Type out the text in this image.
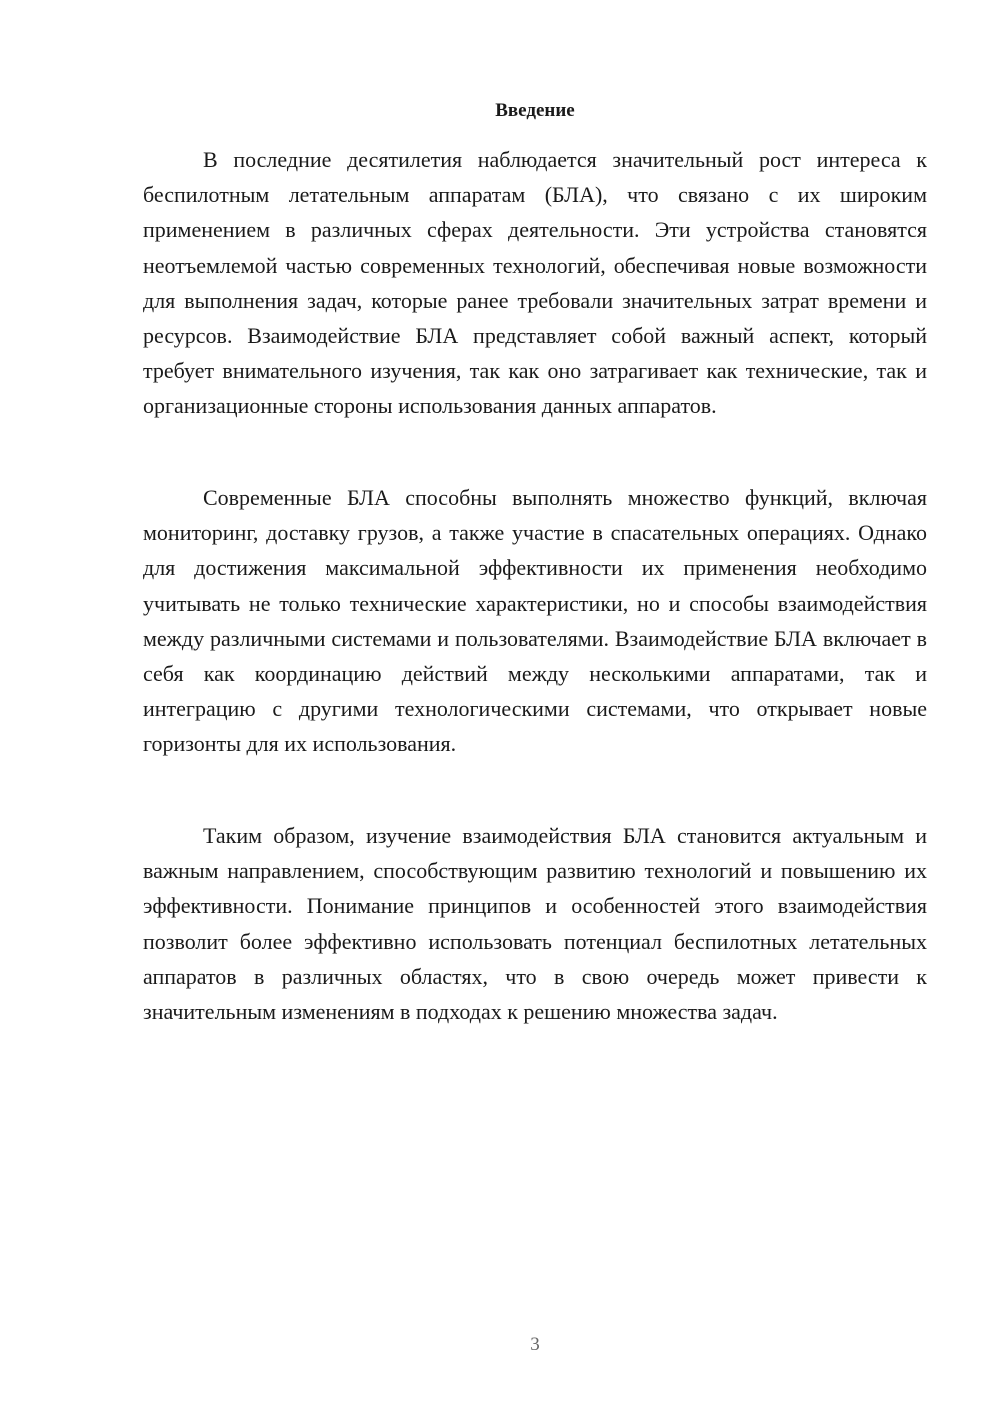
Введение

В последние десятилетия наблюдается значительный рост интереса к беспилотным летательным аппаратам (БЛА), что связано с их широким применением в различных сферах деятельности. Эти устройства становятся неотъемлемой частью современных технологий, обеспечивая новые возможности для выполнения задач, которые ранее требовали значительных затрат времени и ресурсов. Взаимодействие БЛА представляет собой важный аспект, который требует внимательного изучения, так как оно затрагивает как технические, так и организационные стороны использования данных аппаратов.

Современные БЛА способны выполнять множество функций, включая мониторинг, доставку грузов, а также участие в спасательных операциях. Однако для достижения максимальной эффективности их применения необходимо учитывать не только технические характеристики, но и способы взаимодействия между различными системами и пользователями. Взаимодействие БЛА включает в себя как координацию действий между несколькими аппаратами, так и интеграцию с другими технологическими системами, что открывает новые горизонты для их использования.

Таким образом, изучение взаимодействия БЛА становится актуальным и важным направлением, способствующим развитию технологий и повышению их эффективности. Понимание принципов и особенностей этого взаимодействия позволит более эффективно использовать потенциал беспилотных летательных аппаратов в различных областях, что в свою очередь может привести к значительным изменениям в подходах к решению множества задач.

3
